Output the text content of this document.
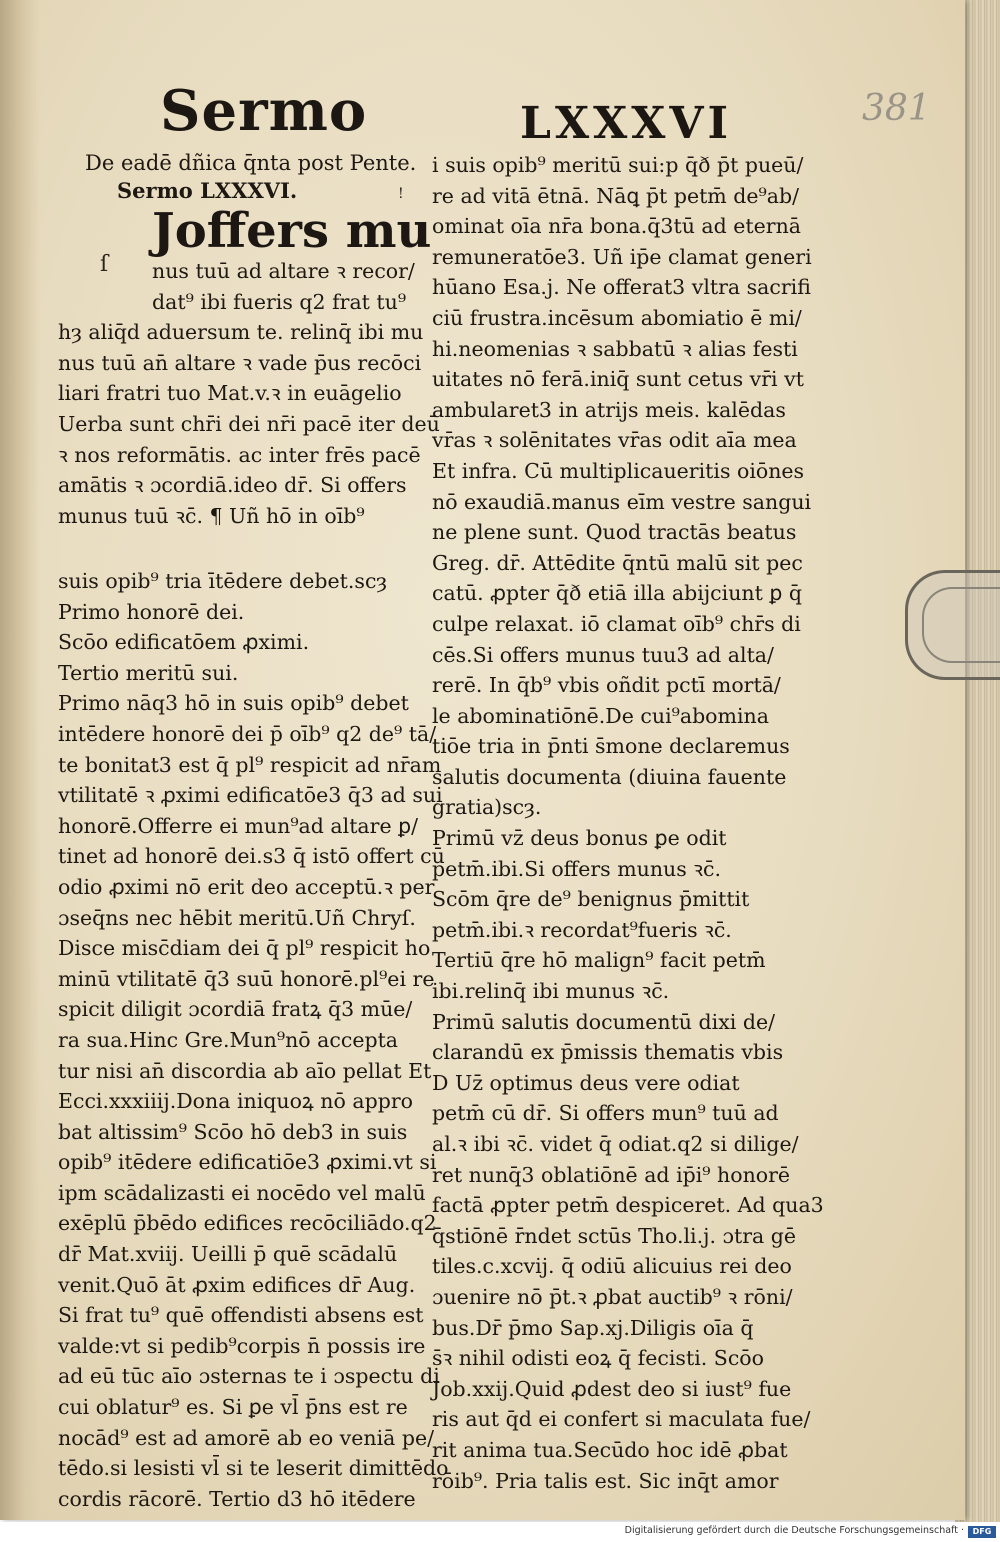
Sermo	LXXXVI	381
De eadē dñica q̄nta post Pente.
Sermo LXXXVI.	!
Joffers mu
ſ	nus tuū ad altare ꝛ recor/
dat⁹ ibi fueris q2 frat tu⁹
hȝ aliq̄d aduersum te. relinq̄ ibi mu
nus tuū an̄ altare ꝛ vade p̄us recōci
liari fratri tuo Mat.v.ꝛ in euāgelio
Uerba sunt chr̄i dei nr̄i pacē iter deū
ꝛ nos reformātis. ac inter frēs pacē
amātis ꝛ ɔcordiā.ideo dr̄. Si offers
munus tuū ꝛc̄. ¶ Uñ hō in oīb⁹
suis opib⁹ tria ītēdere debet.scȝ
Primo honorē dei.
Scōo edificatōem ꝓximi.
Tertio meritū sui.
Primo nāq3 hō in suis opib⁹ debet
intēdere honorē dei p̄ oīb⁹ q2 de⁹ tā/
te bonitat3 est q̄ pl⁹ respicit ad nr̄am
vtilitatē ꝛ ꝓximi edificatōe3 q̄3 ad sui
honorē.Offerre ei mun⁹ad altare ꝑ/
tinet ad honorē dei.s3 q̄ istō offert cū
odio ꝓximi nō erit deo acceptū.ꝛ per
ɔseq̄ns nec hēbit meritū.Uñ Chryſ.
Disce misc̄diam dei q̄ pl⁹ respicit ho
minū vtilitatē q̄3 suū honorē.pl⁹ei re
spicit diligit ɔcordiā fratꝝ q̄3 mūe/
ra sua.Hinc Gre.Mun⁹nō accepta
tur nisi an̄ discordia ab aīo pellat Et
Ecci.xxxiiij.Dona iniquoꝝ nō appro
bat altissim⁹ Scōo hō deb3 in suis
opib⁹ itēdere edificatiōe3 ꝓximi.vt si
ipm scādalizasti ei nocēdo vel malū
exēplū p̄bēdo edifices recōciliādo.q2
dr̄ Mat.xviij. Ueilli p̄ quē scādalū
venit.Quō āt ꝓxim edifices dr̄ Aug.
Si frat tu⁹ quē offendisti absens est
valde:vt si pedib⁹corpis n̄ possis ire
ad eū tūc aīo ɔsternas te i ɔspectu di
cui oblatur⁹ es. Si ꝑe vl̄ p̄ns est re
nocād⁹ est ad amorē ab eo veniā pe/
tēdo.si lesisti vl̄ si te leserit dimittēdo
cordis rācorē. Tertio d3 hō itēdere
i suis opib⁹ meritū sui:p q̄ð p̄t pueū/
re ad vitā ētnā. Nāꝗ p̄t petm̄ de⁹ab/
ominat oīa nr̄a bona.q̄3tū ad eternā
remuneratōe3. Uñ ip̄e clamat generi
hūano Esa.j. Ne offerat3 vltra sacrifi
ciū frustra.incēsum abomiatio ē mi/
hi.neomenias ꝛ sabbatū ꝛ alias festi
uitates nō ferā.iniq̄ sunt cetus vr̄i vt
ambularet3 in atrijs meis. kalēdas
vr̄as ꝛ solēnitates vr̄as odit aīa mea
Et infra. Cū multiplicaueritis oiōnes
nō exaudiā.manus eīm vestre sangui
ne plene sunt. Quod tractās beatus
Greg. dr̄. Attēdite q̄ntū malū sit pec
catū. ꝓpter q̄ð etiā illa abijciunt ꝑ q̄
culpe relaxat. iō clamat oīb⁹ chr̄s di
cēs.Si offers munus tuu3 ad alta/
rerē. In q̄b⁹ vbis oñdit pctī mortā/
le abominatiōnē.De cui⁹abomina
tiōe tria in p̄nti s̄mone declaremus
salutis documenta (diuina fauente
gratia)scȝ.
Primū vz̄ deus bonus ꝑe odit
petm̄.ibi.Si offers munus ꝛc̄.
Scōm q̄re de⁹ benignus p̄mittit
petm̄.ibi.ꝛ recordat⁹fueris ꝛc̄.
Tertiū q̄re hō malign⁹ facit petm̄
ibi.relinq̄ ibi munus ꝛc̄.
Primū salutis documentū dixi de/
clarandū ex p̄missis thematis vbis
D Uz̄ optimus deus vere odiat
petm̄ cū dr̄. Si offers mun⁹ tuū ad
al.ꝛ ibi ꝛc̄. videt q̄ odiat.q2 si dilige/
ret nunq̄3 oblatiōnē ad ip̄i⁹ honorē
factā ꝓpter petm̄ despiceret. Ad qua3
q̄stiōnē r̄ndet sctūs Tho.li.j. ɔtra gē
tiles.c.xcvij. q̄ odiū alicuius rei deo
ɔuenire nō p̄t.ꝛ ꝓbat auctib⁹ ꝛ rōni/
bus.Dr̄ p̄mo Sap.xj.Diligis oīa q̄
s̄ꝛ nihil odisti eoꝝ q̄ fecisti. Scōo
Job.xxij.Quid ꝓdest deo si iust⁹ fue
ris aut q̄d ei confert si maculata fue/
rit anima tua.Secūdo hoc idē ꝓbat
rōib⁹. Pria talis est. Sic inq̄t amor
Digitalisierung gefördert durch die Deutsche Forschungsgemeinschaft ·	DFG
